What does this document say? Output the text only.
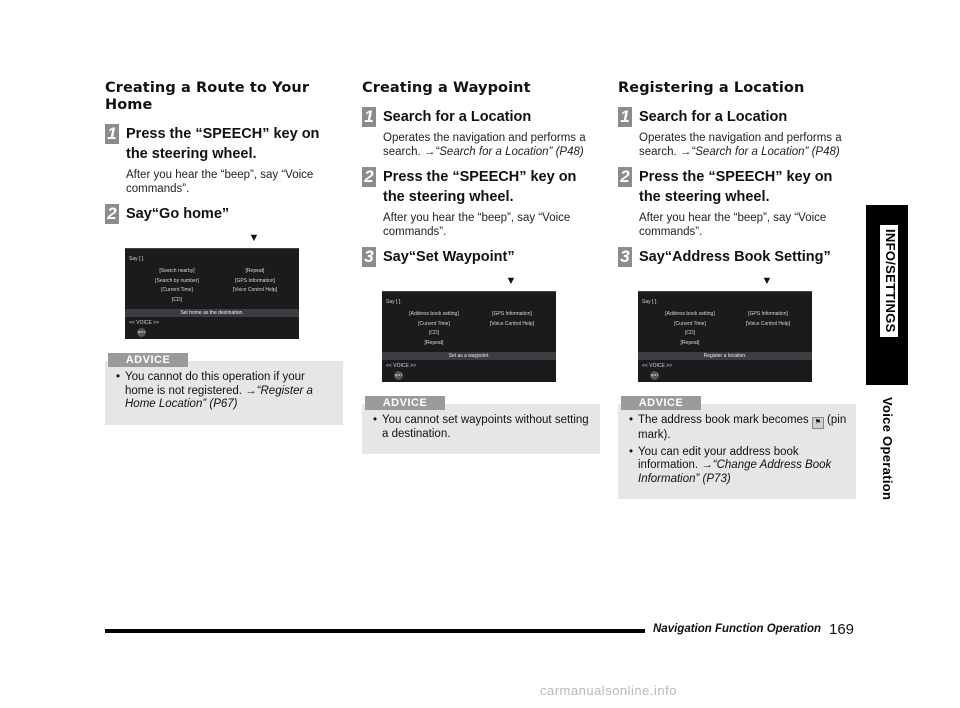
Creating a Route to Your Home
1 Press the “SPEECH” key on the steering wheel.

After you hear the “beep”, say “Voice commands”.

2 Say“Go home”

▼
Say [ ].
[Search nearby]
[Search by number]
[Current Time]
[CD]
[Repeat]
[GPS Information]
[Voice Control Help]
Set home as the destination.
<< VOICE >>
QUIT
ADVICE
• You cannot do this operation if your home is not registered. →“Register a Home Location” (P67)
Creating a Waypoint
1 Search for a Location

Operates the navigation and performs a search. →“Search for a Location” (P48)

2 Press the “SPEECH” key on the steering wheel.

After you hear the “beep”, say “Voice commands”.

3 Say“Set Waypoint”

▼
Say [ ].
[Address book setting]
[Current Time]
[CD]
[Repeat]
[GPS Information]
[Voice Control Help]
Set as a waypoint.
<< VOICE >>
QUIT
ADVICE
• You cannot set waypoints without setting a destination.
Registering a Location
1 Search for a Location

Operates the navigation and performs a search. →“Search for a Location” (P48)

2 Press the “SPEECH” key on the steering wheel.

After you hear the “beep”, say “Voice commands”.

3 Say“Address Book Setting”

▼
Say [ ].
[Address book setting]
[Current Time]
[CD]
[Repeat]
[GPS Information]
[Voice Control Help]
Register a location.
<< VOICE >>
QUIT
ADVICE
• The address book mark becomes ⚑ (pin mark).
• You can edit your address book information. →“Change Address Book Information” (P73)
INFO/SETTINGS
Voice Operation
Navigation Function Operation 169
carmanualsonline.info
